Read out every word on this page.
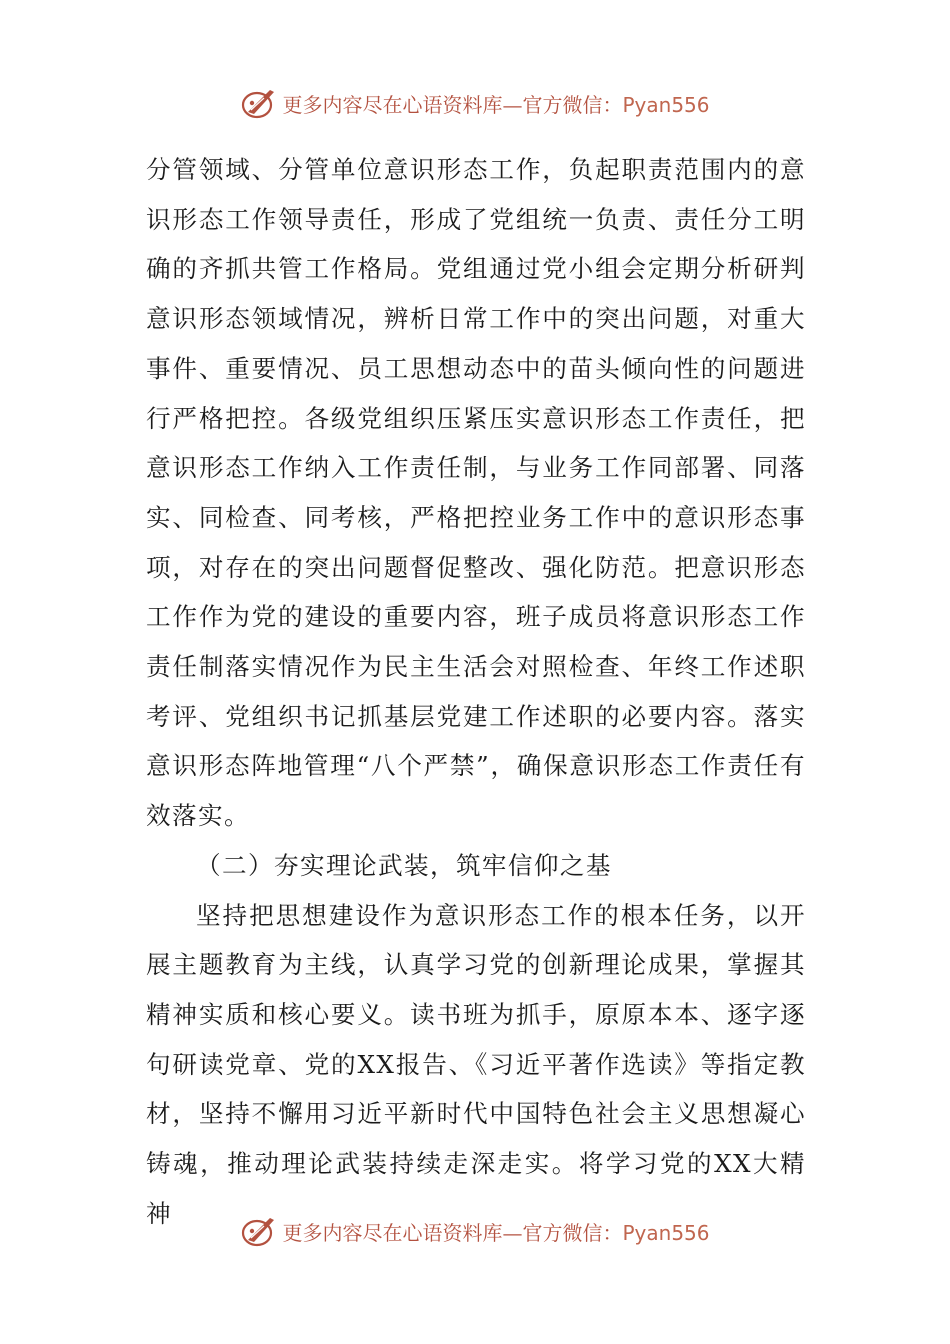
更多内容尽在心语资料库—官方微信：Pyan556

分管领域、分管单位意识形态工作，负起职责范围内的意识形态工作领导责任，形成了党组统一负责、责任分工明确的齐抓共管工作格局。党组通过党小组会定期分析研判意识形态领域情况，辨析日常工作中的突出问题，对重大事件、重要情况、员工思想动态中的苗头倾向性的问题进行严格把控。各级党组织压紧压实意识形态工作责任，把意识形态工作纳入工作责任制，与业务工作同部署、同落实、同检查、同考核，严格把控业务工作中的意识形态事项，对存在的突出问题督促整改、强化防范。把意识形态工作作为党的建设的重要内容，班子成员将意识形态工作责任制落实情况作为民主生活会对照检查、年终工作述职考评、党组织书记抓基层党建工作述职的必要内容。落实意识形态阵地管理“八个严禁”，确保意识形态工作责任有效落实。

（二）夯实理论武装，筑牢信仰之基

坚持把思想建设作为意识形态工作的根本任务，以开展主题教育为主线，认真学习党的创新理论成果，掌握其精神实质和核心要义。读书班为抓手，原原本本、逐字逐句研读党章、党的XX报告、《习近平著作选读》等指定教材，坚持不懈用习近平新时代中国特色社会主义思想凝心铸魂，推动理论武装持续走深走实。将学习党的XX大精神

更多内容尽在心语资料库—官方微信：Pyan556
